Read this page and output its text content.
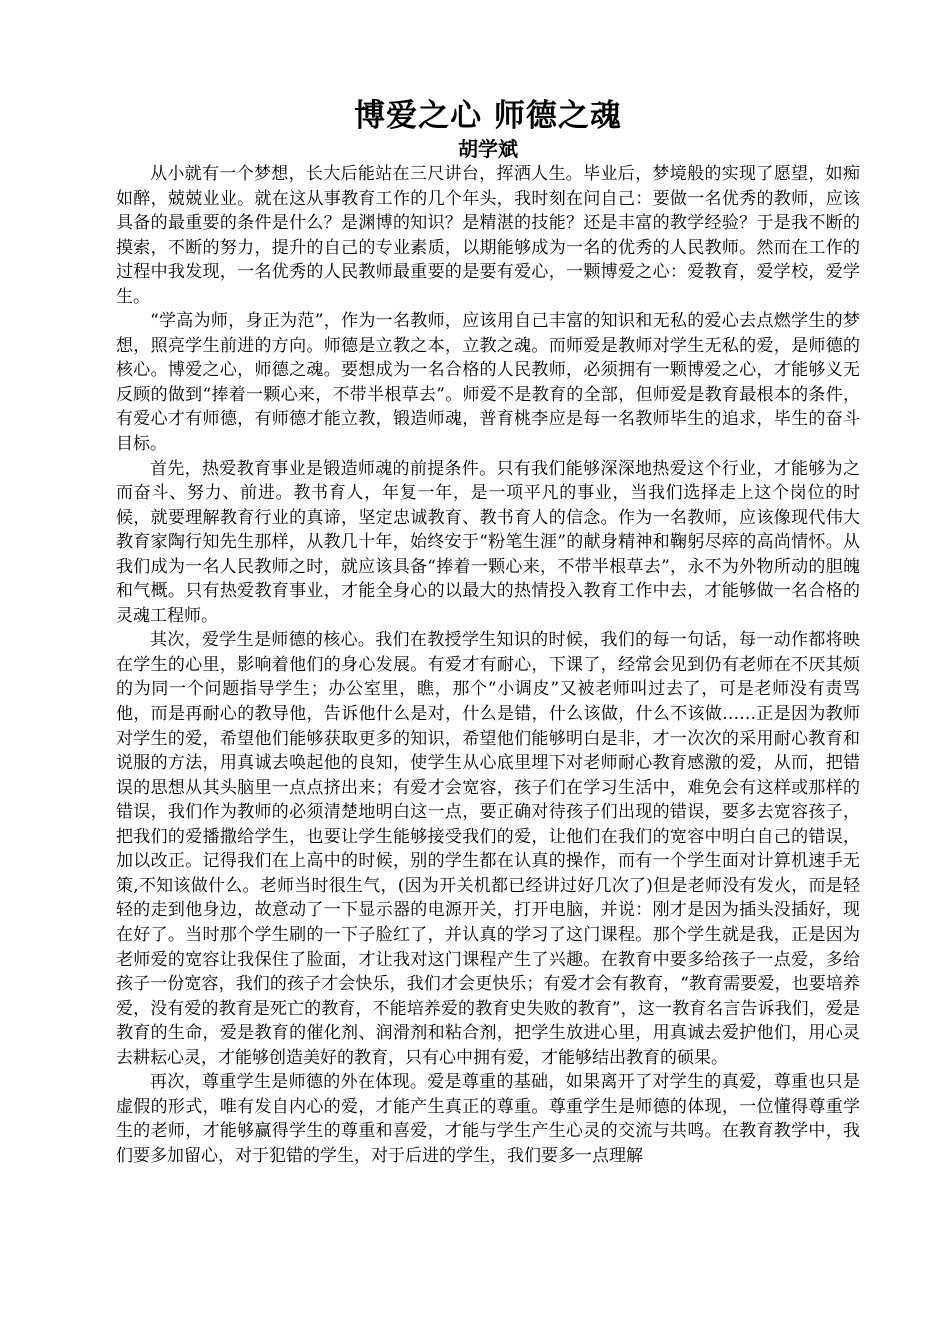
博爱之心 师德之魂
胡学斌

从小就有一个梦想，长大后能站在三尺讲台，挥洒人生。毕业后，梦境般的实现了愿望，如痴如醉，兢兢业业。就在这从事教育工作的几个年头，我时刻在问自己：要做一名优秀的教师，应该具备的最重要的条件是什么？是渊博的知识？是精湛的技能？还是丰富的教学经验？于是我不断的摸索，不断的努力，提升的自己的专业素质，以期能够成为一名的优秀的人民教师。然而在工作的过程中我发现，一名优秀的人民教师最重要的是要有爱心，一颗博爱之心：爱教育，爱学校，爱学生。

“学高为师，身正为范”，作为一名教师，应该用自己丰富的知识和无私的爱心去点燃学生的梦想，照亮学生前进的方向。师德是立教之本，立教之魂。而师爱是教师对学生无私的爱，是师德的核心。博爱之心，师德之魂。要想成为一名合格的人民教师，必须拥有一颗博爱之心，才能够义无反顾的做到“捧着一颗心来，不带半根草去”。师爱不是教育的全部，但师爱是教育最根本的条件，有爱心才有师德，有师德才能立教，锻造师魂，普育桃李应是每一名教师毕生的追求，毕生的奋斗目标。

首先，热爱教育事业是锻造师魂的前提条件。只有我们能够深深地热爱这个行业，才能够为之而奋斗、努力、前进。教书育人，年复一年，是一项平凡的事业，当我们选择走上这个岗位的时候，就要理解教育行业的真谛，坚定忠诚教育、教书育人的信念。作为一名教师，应该像现代伟大教育家陶行知先生那样，从教几十年，始终安于“粉笔生涯”的献身精神和鞠躬尽瘁的高尚情怀。从我们成为一名人民教师之时，就应该具备“捧着一颗心来，不带半根草去”，永不为外物所动的胆魄和气概。只有热爱教育事业，才能全身心的以最大的热情投入教育工作中去，才能够做一名合格的灵魂工程师。

其次，爱学生是师德的核心。我们在教授学生知识的时候，我们的每一句话，每一动作都将映在学生的心里，影响着他们的身心发展。有爱才有耐心，下课了，经常会见到仍有老师在不厌其烦的为同一个问题指导学生；办公室里，瞧，那个“小调皮”又被老师叫过去了，可是老师没有责骂他，而是再耐心的教导他，告诉他什么是对，什么是错，什么该做，什么不该做……正是因为教师对学生的爱，希望他们能够获取更多的知识，希望他们能够明白是非，才一次次的采用耐心教育和说服的方法，用真诚去唤起他的良知，使学生从心底里埋下对老师耐心教育感激的爱，从而，把错误的思想从其头脑里一点点挤出来；有爱才会宽容，孩子们在学习生活中，难免会有这样或那样的错误，我们作为教师的必须清楚地明白这一点，要正确对待孩子们出现的错误，要多去宽容孩子，把我们的爱播撒给学生，也要让学生能够接受我们的爱，让他们在我们的宽容中明白自己的错误，加以改正。记得我们在上高中的时候，别的学生都在认真的操作，而有一个学生面对计算机速手无策,不知该做什么。老师当时很生气，(因为开关机都已经讲过好几次了)但是老师没有发火，而是轻轻的走到他身边，故意动了一下显示器的电源开关，打开电脑，并说：刚才是因为插头没插好，现在好了。当时那个学生刷的一下子脸红了，并认真的学习了这门课程。那个学生就是我，正是因为老师爱的宽容让我保住了脸面，才让我对这门课程产生了兴趣。在教育中要多给孩子一点爱，多给孩子一份宽容，我们的孩子才会快乐，我们才会更快乐；有爱才会有教育，“教育需要爱，也要培养爱，没有爱的教育是死亡的教育，不能培养爱的教育史失败的教育”，这一教育名言告诉我们，爱是教育的生命，爱是教育的催化剂、润滑剂和粘合剂，把学生放进心里，用真诚去爱护他们，用心灵去耕耘心灵，才能够创造美好的教育，只有心中拥有爱，才能够结出教育的硕果。

再次，尊重学生是师德的外在体现。爱是尊重的基础，如果离开了对学生的真爱，尊重也只是虚假的形式，唯有发自内心的爱，才能产生真正的尊重。尊重学生是师德的体现，一位懂得尊重学生的老师，才能够赢得学生的尊重和喜爱，才能与学生产生心灵的交流与共鸣。在教育教学中，我们要多加留心，对于犯错的学生，对于后进的学生，我们要多一点理解
